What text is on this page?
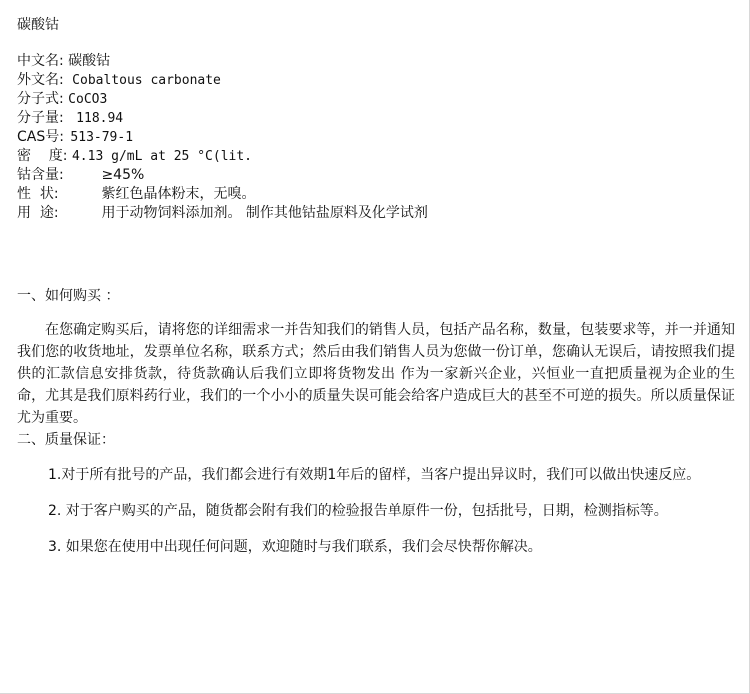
碳酸钴
中文名: 碳酸钴
外文名: Cobaltous carbonate
分子式: CoCO3
分子量: 118.94
CAS号: 513-79-1
密    度: 4.13 g/mL at 25 °C(lit.
钴含量:	≥45%
性  状:	紫红色晶体粉末，无嗅。
用  途:	用于动物饲料添加剂。 制作其他钴盐原料及化学试剂
一、如何购买 ：
在您确定购买后，请将您的详细需求一并告知我们的销售人员，包括产品名称，数量，包装要求等，并一并通知我们您的收货地址，发票单位名称，联系方式；然后由我们销售人员为您做一份订单，您确认无误后，请按照我们提供的汇款信息安排货款，待货款确认后我们立即将货物发出 作为一家新兴企业，兴恒业一直把质量视为企业的生命，尤其是我们原料药行业，我们的一个小小的质量失误可能会给客户造成巨大的甚至不可逆的损失。所以质量保证尤为重要。
二、质量保证：
1.对于所有批号的产品，我们都会进行有效期1年后的留样，当客户提出异议时，我们可以做出快速反应。
2. 对于客户购买的产品，随货都会附有我们的检验报告单原件一份，包括批号，日期，检测指标等。
3. 如果您在使用中出现任何问题，欢迎随时与我们联系，我们会尽快帮你解决。
